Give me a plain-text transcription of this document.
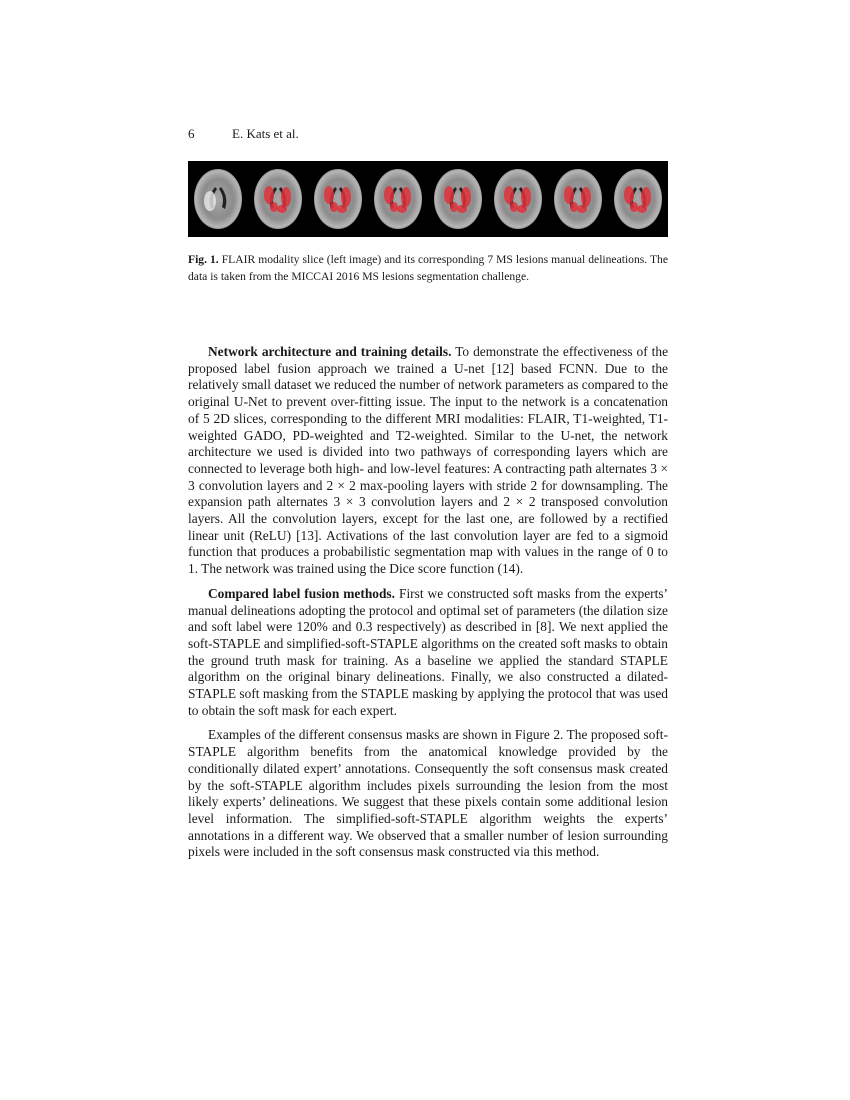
6	E. Kats et al.
Fig. 1. FLAIR modality slice (left image) and its corresponding 7 MS lesions manual delineations. The data is taken from the MICCAI 2016 MS lesions segmentation challenge.

Network architecture and training details. To demonstrate the effectiveness of the proposed label fusion approach we trained a U-net [12] based FCNN. Due to the relatively small dataset we reduced the number of network parameters as compared to the original U-Net to prevent over-fitting issue. The input to the network is a concatenation of 5 2D slices, corresponding to the different MRI modalities: FLAIR, T1-weighted, T1-weighted GADO, PD-weighted and T2-weighted. Similar to the U-net, the network architecture we used is divided into two pathways of corresponding layers which are connected to leverage both high- and low-level features: A contracting path alternates 3 × 3 convolution layers and 2 × 2 max-pooling layers with stride 2 for downsampling. The expansion path alternates 3 × 3 convolution layers and 2 × 2 transposed convolution layers. All the convolution layers, except for the last one, are followed by a rectified linear unit (ReLU) [13]. Activations of the last convolution layer are fed to a sigmoid function that produces a probabilistic segmentation map with values in the range of 0 to 1. The network was trained using the Dice score function (14).

Compared label fusion methods. First we constructed soft masks from the experts’ manual delineations adopting the protocol and optimal set of parameters (the dilation size and soft label were 120% and 0.3 respectively) as described in [8]. We next applied the soft-STAPLE and simplified-soft-STAPLE algorithms on the created soft masks to obtain the ground truth mask for training. As a baseline we applied the standard STAPLE algorithm on the original binary delineations. Finally, we also constructed a dilated-STAPLE soft masking from the STAPLE masking by applying the protocol that was used to obtain the soft mask for each expert.

Examples of the different consensus masks are shown in Figure 2. The proposed soft-STAPLE algorithm benefits from the anatomical knowledge provided by the conditionally dilated expert’ annotations. Consequently the soft consensus mask created by the soft-STAPLE algorithm includes pixels surrounding the lesion from the most likely experts’ delineations. We suggest that these pixels contain some additional lesion level information. The simplified-soft-STAPLE algorithm weights the experts’ annotations in a different way. We observed that a smaller number of lesion surrounding pixels were included in the soft consensus mask constructed via this method.
